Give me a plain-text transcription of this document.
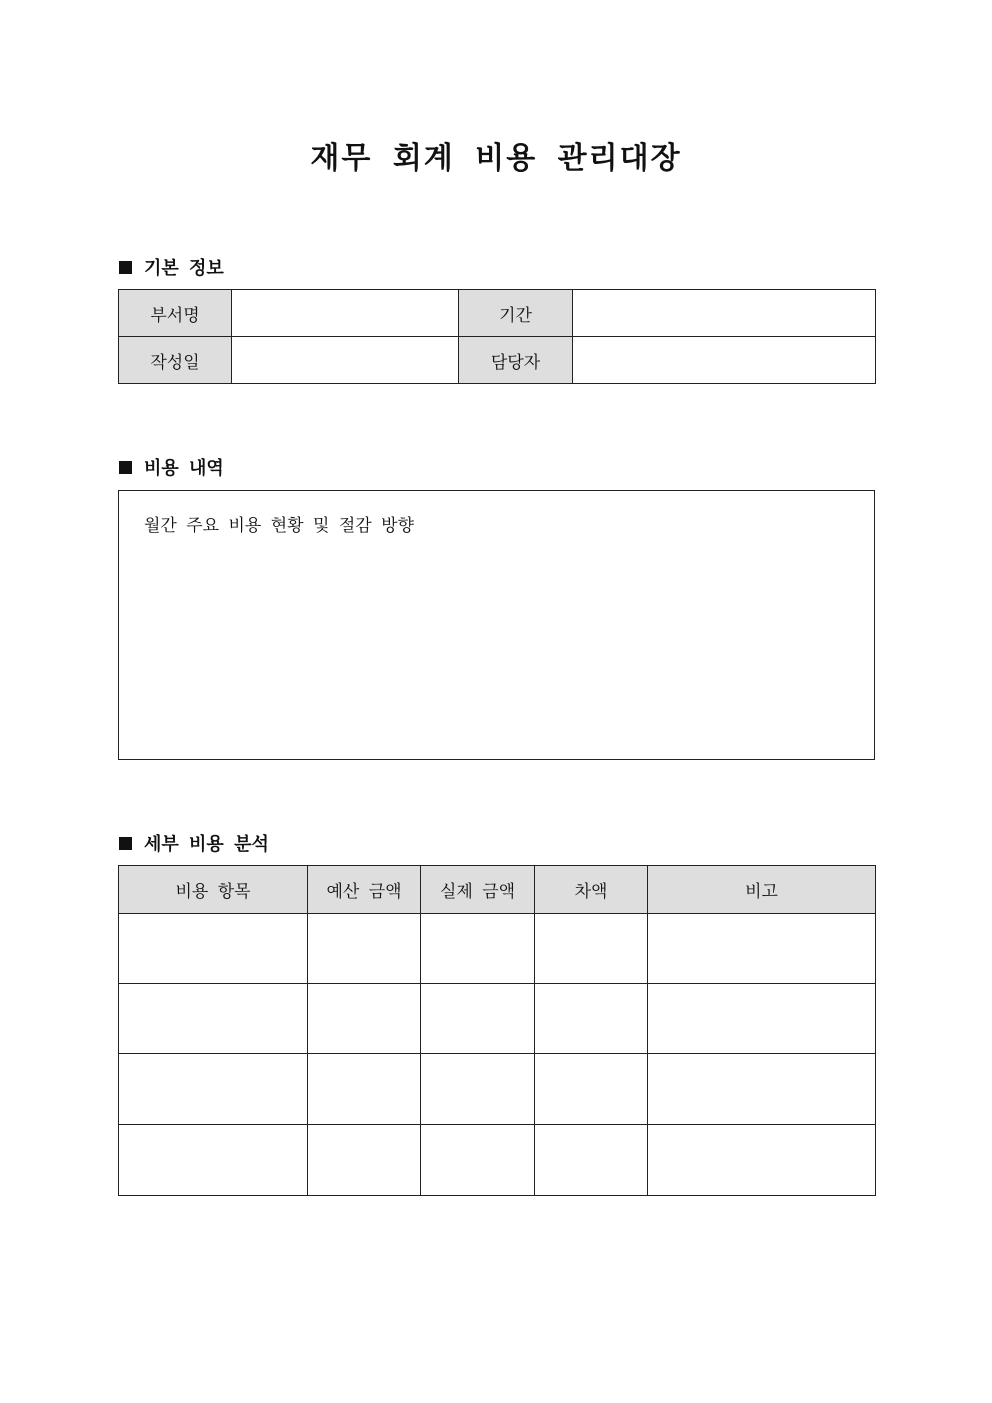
재무 회계 비용 관리대장
기본 정보
부서명		기간	
작성일		담당자	
비용 내역
월간 주요 비용 현황 및 절감 방향
세부 비용 분석
비용 항목	예산 금액	실제 금액	차액	비고
